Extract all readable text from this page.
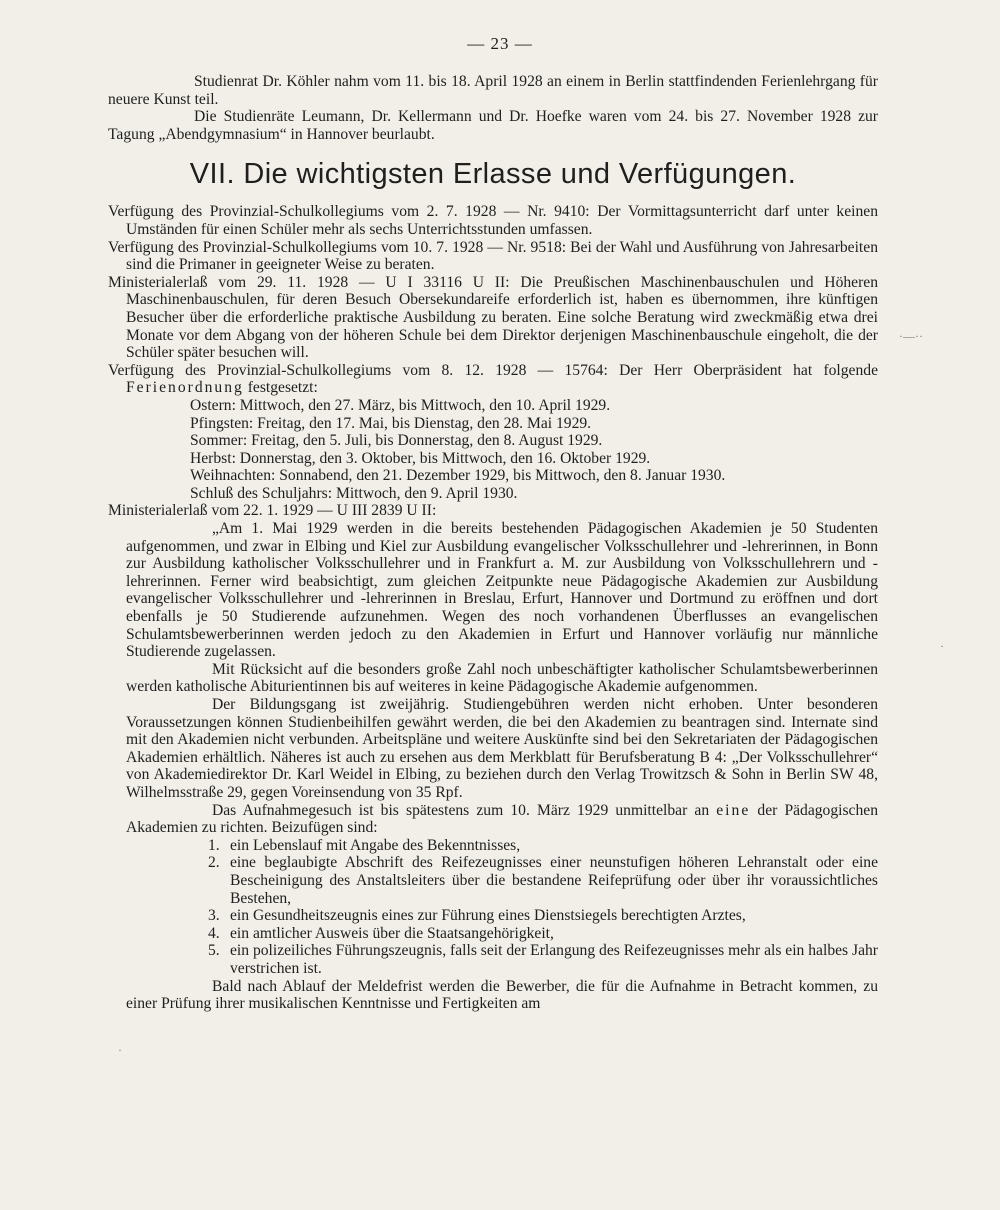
— 23 —
·—··
·
·

Studienrat Dr. Köhler nahm vom 11. bis 18. April 1928 an einem in Berlin stattfindenden Ferienlehrgang für neuere Kunst teil.

Die Studienräte Leumann, Dr. Kellermann und Dr. Hoefke waren vom 24. bis 27. November 1928 zur Tagung „Abendgymnasium“ in Hannover beurlaubt.

VII. Die wichtigsten Erlasse und Verfügungen.

Verfügung des Provinzial-Schulkollegiums vom 2. 7. 1928 — Nr. 9410: Der Vormittagsunterricht darf unter keinen Umständen für einen Schüler mehr als sechs Unterrichtsstunden umfassen.

Verfügung des Provinzial-Schulkollegiums vom 10. 7. 1928 — Nr. 9518: Bei der Wahl und Ausführung von Jahresarbeiten sind die Primaner in geeigneter Weise zu beraten.

Ministerialerlaß vom 29. 11. 1928 — U I 33116 U II: Die Preußischen Maschinenbauschulen und Höheren Maschinenbauschulen, für deren Besuch Obersekundareife erforderlich ist, haben es übernommen, ihre künftigen Besucher über die erforderliche praktische Ausbildung zu beraten. Eine solche Beratung wird zweckmäßig etwa drei Monate vor dem Abgang von der höheren Schule bei dem Direktor derjenigen Maschinenbauschule eingeholt, die der Schüler später besuchen will.

Verfügung des Provinzial-Schulkollegiums vom 8. 12. 1928 — 15764: Der Herr Oberpräsident hat folgende Ferienordnung festgesetzt:

Ostern: Mittwoch, den 27. März, bis Mittwoch, den 10. April 1929.
Pfingsten: Freitag, den 17. Mai, bis Dienstag, den 28. Mai 1929.
Sommer: Freitag, den 5. Juli, bis Donnerstag, den 8. August 1929.
Herbst: Donnerstag, den 3. Oktober, bis Mittwoch, den 16. Oktober 1929.
Weihnachten: Sonnabend, den 21. Dezember 1929, bis Mittwoch, den 8. Januar 1930.
Schluß des Schuljahrs: Mittwoch, den 9. April 1930.

Ministerialerlaß vom 22. 1. 1929 — U III 2839 U II:

„Am 1. Mai 1929 werden in die bereits bestehenden Pädagogischen Akademien je 50 Studenten aufgenommen, und zwar in Elbing und Kiel zur Ausbildung evangelischer Volksschullehrer und -lehrerinnen, in Bonn zur Ausbildung katholischer Volksschullehrer und in Frankfurt a. M. zur Ausbildung von Volksschullehrern und -lehrerinnen. Ferner wird beabsichtigt, zum gleichen Zeitpunkte neue Pädagogische Akademien zur Ausbildung evangelischer Volksschullehrer und -lehrerinnen in Breslau, Erfurt, Hannover und Dortmund zu eröffnen und dort ebenfalls je 50 Studierende aufzunehmen. Wegen des noch vorhandenen Überflusses an evangelischen Schulamtsbewerberinnen werden jedoch zu den Akademien in Erfurt und Hannover vorläufig nur männliche Studierende zugelassen.

Mit Rücksicht auf die besonders große Zahl noch unbeschäftigter katholischer Schulamtsbewerberinnen werden katholische Abiturientinnen bis auf weiteres in keine Pädagogische Akademie aufgenommen.

Der Bildungsgang ist zweijährig. Studiengebühren werden nicht erhoben. Unter besonderen Voraussetzungen können Studienbeihilfen gewährt werden, die bei den Akademien zu beantragen sind. Internate sind mit den Akademien nicht verbunden. Arbeitspläne und weitere Auskünfte sind bei den Sekretariaten der Pädagogischen Akademien erhältlich. Näheres ist auch zu ersehen aus dem Merkblatt für Berufsberatung B 4: „Der Volksschullehrer“ von Akademiedirektor Dr. Karl Weidel in Elbing, zu beziehen durch den Verlag Trowitzsch & Sohn in Berlin SW 48, Wilhelmsstraße 29, gegen Voreinsendung von 35 Rpf.

Das Aufnahmegesuch ist bis spätestens zum 10. März 1929 unmittelbar an eine der Pädagogischen Akademien zu richten. Beizufügen sind:

1. ein Lebenslauf mit Angabe des Bekenntnisses,
2. eine beglaubigte Abschrift des Reifezeugnisses einer neunstufigen höheren Lehranstalt oder eine Bescheinigung des Anstaltsleiters über die bestandene Reifeprüfung oder über ihr voraussichtliches Bestehen,
3. ein Gesundheitszeugnis eines zur Führung eines Dienstsiegels berechtigten Arztes,
4. ein amtlicher Ausweis über die Staatsangehörigkeit,
5. ein polizeiliches Führungszeugnis, falls seit der Erlangung des Reifezeugnisses mehr als ein halbes Jahr verstrichen ist.

Bald nach Ablauf der Meldefrist werden die Bewerber, die für die Aufnahme in Betracht kommen, zu einer Prüfung ihrer musikalischen Kenntnisse und Fertigkeiten am
